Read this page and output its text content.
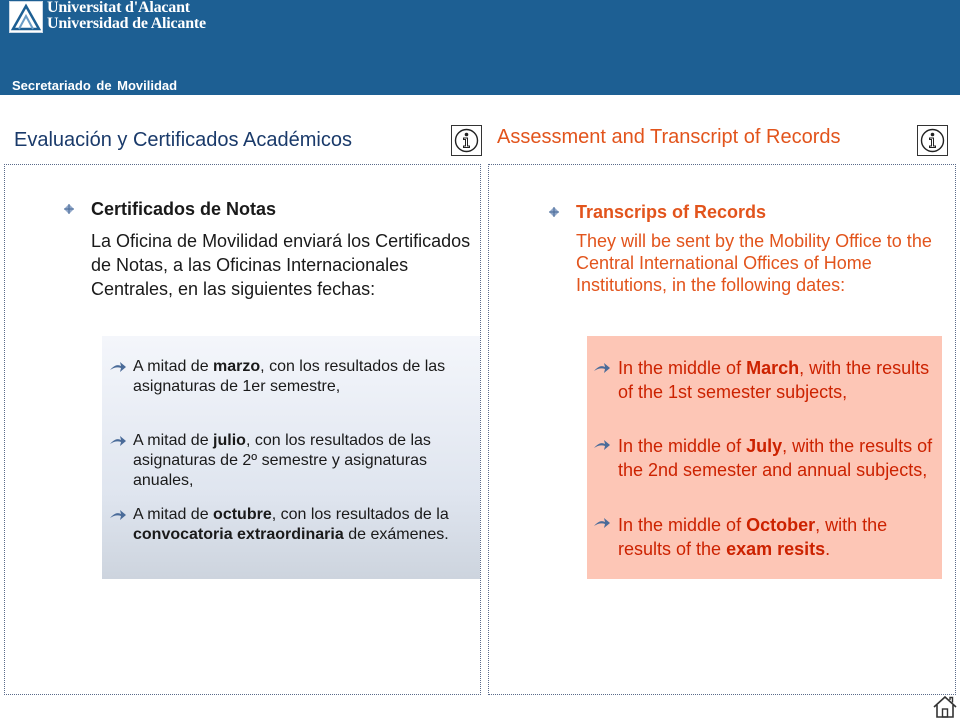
Universitat d'Alacant
Universidad de Alicante
Secretariado de Movilidad
Evaluación y Certificados Académicos	Assessment and Transcript of Records
Certificados de Notas
La Oficina de Movilidad enviará los Certificados de Notas, a las Oficinas Internacionales Centrales, en las siguientes fechas:
A mitad de marzo, con los resultados de las asignaturas de 1er semestre,
A mitad de julio, con los resultados de las asignaturas de 2º semestre y asignaturas anuales,
A mitad de octubre, con los resultados de la convocatoria extraordinaria de exámenes.
Transcrips of Records
They will be sent by the Mobility Office to the Central International Offices of Home Institutions, in the following dates:
In the middle of March, with the results of the 1st semester subjects,
In the middle of July, with the results of the 2nd semester and annual subjects,
In the middle of October, with the results of the exam resits.
